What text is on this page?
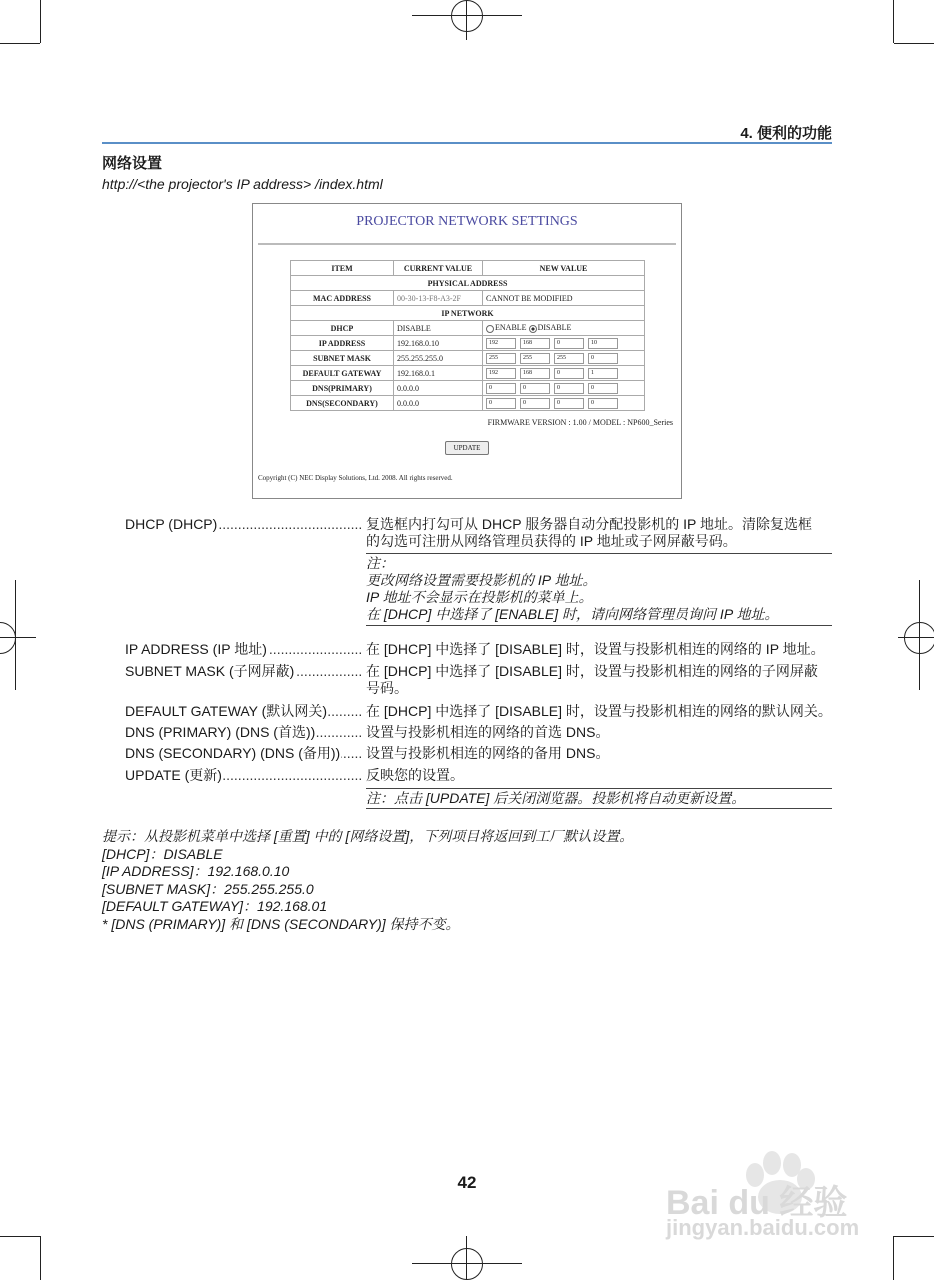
4. 便利的功能
网络设置
http://<the projector's IP address> /index.html
PROJECTOR NETWORK SETTINGS
ITEM	CURRENT VALUE	NEW VALUE
PHYSICAL ADDRESS		
MAC ADDRESS	00-30-13-F8-A3-2F	CANNOT BE MODIFIED
IP NETWORK		
DHCP	DISABLE	ENABLE DISABLE
IP ADDRESS	192.168.0.10	192 168 0 10
SUBNET MASK	255.255.255.0	255 255 255 0
DEFAULT GATEWAY	192.168.0.1	192 168 0 1
DNS(PRIMARY)	0.0.0.0	0 0 0 0
DNS(SECONDARY)	0.0.0.0	0 0 0 0
FIRMWARE VERSION : 1.00 / MODEL : NP600_Series
UPDATE
Copyright (C) NEC Display Solutions, Ltd. 2008. All rights reserved.
DHCP (DHCP) .....	复选框内打勾可从 DHCP 服务器自动分配投影机的 IP 地址。清除复选框
的勾选可注册从网络管理员获得的 IP 地址或子网屏蔽号码。
注：
更改网络设置需要投影机的 IP 地址。
IP 地址不会显示在投影机的菜单上。
在 [DHCP] 中选择了 [ENABLE] 时，请向网络管理员询问 IP 地址。
IP ADDRESS (IP 地址) .....	在 [DHCP] 中选择了 [DISABLE] 时，设置与投影机相连的网络的 IP 地址。
SUBNET MASK (子网屏蔽) .....	在 [DHCP] 中选择了 [DISABLE] 时，设置与投影机相连的网络的子网屏蔽
号码。
DEFAULT GATEWAY (默认网关) .....	在 [DHCP] 中选择了 [DISABLE] 时，设置与投影机相连的网络的默认网关。
DNS (PRIMARY) (DNS (首选)) .....	设置与投影机相连的网络的首选 DNS。
DNS (SECONDARY) (DNS (备用)) .....	设置与投影机相连的网络的备用 DNS。
UPDATE (更新) .....	反映您的设置。
注：点击 [UPDATE] 后关闭浏览器。投影机将自动更新设置。
提示：从投影机菜单中选择 [重置] 中的 [网络设置]，下列项目将返回到工厂默认设置。
[DHCP]：DISABLE
[IP ADDRESS]：192.168.0.10
[SUBNET MASK]：255.255.255.0
[DEFAULT GATEWAY]：192.168.01
* [DNS (PRIMARY)] 和 [DNS (SECONDARY)] 保持不变。
42
Bai du 经验
jingyan.baidu.com
